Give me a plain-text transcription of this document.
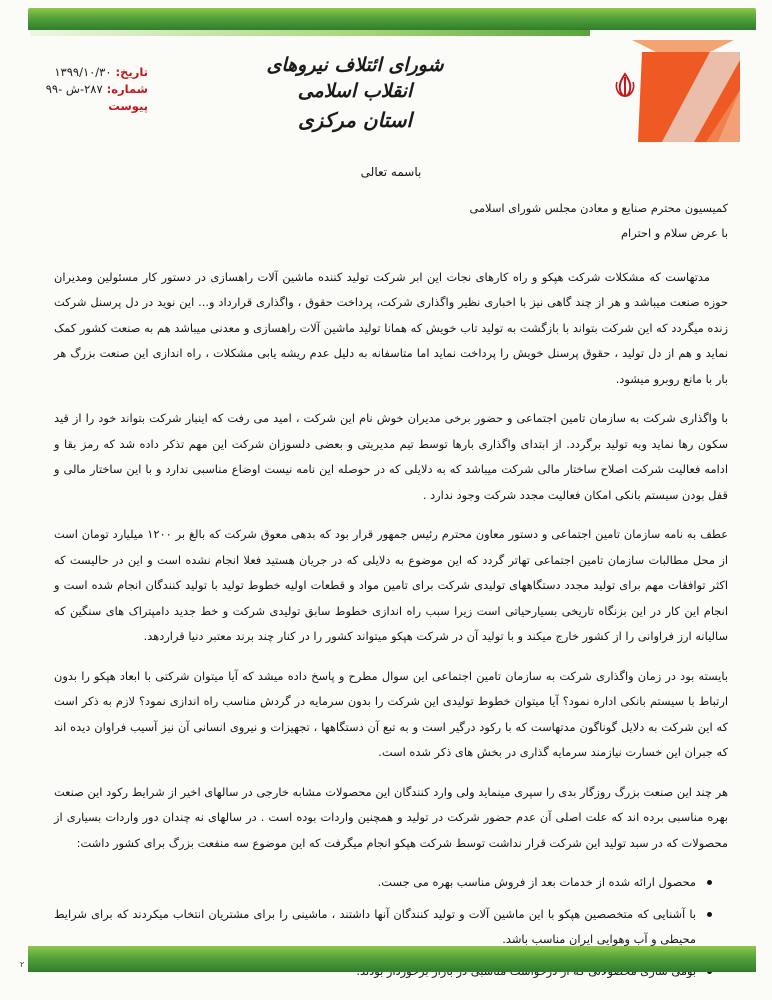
شورای ائتلاف نیروهای انقلاب اسلامی
استان مرکزی
تاریخ:
۱۳۹۹/۱۰/۳۰
شماره:
۲۸۷-ش -۹۹
پیوست
باسمه تعالی
کمیسیون محترم صنایع و معادن مجلس شورای اسلامی
با عرض سلام و احترام

مدتهاست که مشکلات شرکت هپکو و راه کارهای نجات این ابر شرکت تولید کننده ماشین آلات راهسازی در دستور کار مسئولین ومدیران حوزه صنعت میباشد و هر از چند گاهی نیز با اخباری نظیر واگذاری شرکت، پرداخت حقوق ، واگذاری قرارداد و... این نوید در دل پرسنل شرکت زنده میگردد که این شرکت بتواند با بازگشت به تولید تاب خویش که همانا تولید ماشین آلات راهسازی و معدنی میباشد هم به صنعت کشور کمک نماید و هم از دل تولید ، حقوق پرسنل خویش را پرداخت نماید اما متاسفانه به دلیل عدم ریشه یابی مشکلات ، راه اندازی این صنعت بزرگ هر بار با مانع روبرو میشود.

با واگذاری شرکت به سازمان تامین اجتماعی و حضور برخی مدیران خوش نام این شرکت ، امید می رفت که اینبار شرکت بتواند خود را از قید سکون رها نماید وبه تولید برگردد. از ابتدای واگذاری بارها توسط تیم مدیریتی و بعضی دلسوزان شرکت این مهم تذکر داده شد که رمز بقا و ادامه فعالیت شرکت اصلاح ساختار مالی شرکت میباشد که به دلایلی که در حوصله این نامه نیست اوضاع مناسبی ندارد و با این ساختار مالی و قفل بودن سیستم بانکی امکان فعالیت مجدد شرکت وجود ندارد .

عطف به نامه سازمان تامین اجتماعی و دستور معاون محترم رئیس جمهور قرار بود که بدهی معوق شرکت که بالغ بر ۱۲۰۰ میلیارد تومان است از محل مطالبات سازمان تامین اجتماعی تهاتر گردد که این موضوع به دلایلی که در جریان هستید فعلا انجام نشده است و این در حالیست که اکثر توافقات مهم برای تولید مجدد دستگاههای تولیدی شرکت برای تامین مواد و قطعات اولیه خطوط تولید با تولید کنندگان انجام شده است و انجام این کار در این بزنگاه تاریخی بسیارحیاتی است زیرا سبب راه اندازی خطوط سابق تولیدی شرکت و خط جدید دامپتراک های سنگین که سالیانه ارز فراوانی را از کشور خارج میکند و با تولید آن در شرکت هپکو میتواند کشور را در کنار چند برند معتبر دنیا قراردهد.

بایسته بود در زمان واگذاری شرکت به سازمان تامین اجتماعی این سوال مطرح و پاسخ داده میشد که آیا میتوان شرکتی با ابعاد هپکو را بدون ارتباط با سیستم بانکی اداره نمود؟ آیا میتوان خطوط تولیدی این شرکت را بدون سرمایه در گردش مناسب راه اندازی نمود؟ لازم به ذکر است که این شرکت به دلایل گوناگون مدتهاست که با رکود درگیر است و به تبع آن دستگاهها ، تجهیزات و نیروی انسانی آن نیز آسیب فراوان دیده اند که جبران این خسارت نیازمند سرمایه گذاری در بخش های ذکر شده است.

هر چند این صنعت بزرگ روزگار بدی را سپری مینماید ولی وارد کنندگان این محصولات مشابه خارجی در سالهای اخیر از شرایط رکود این صنعت بهره مناسبی برده اند که علت اصلی آن عدم حضور شرکت در تولید و همچنین واردات بوده است . در سالهای نه چندان دور واردات بسیاری از محصولات که در سبد تولید این شرکت قرار نداشت توسط شرکت هپکو انجام میگرفت که این موضوع سه منفعت بزرگ برای کشور داشت:

محصول ارائه شده از خدمات بعد از فروش مناسب بهره می جست.
با آشنایی که متخصصین هپکو با این ماشین آلات و تولید کنندگان آنها داشتند ، ماشینی را برای مشتریان انتخاب میکردند که برای شرایط محیطی و آب وهوایی ایران مناسب باشد.
۲
